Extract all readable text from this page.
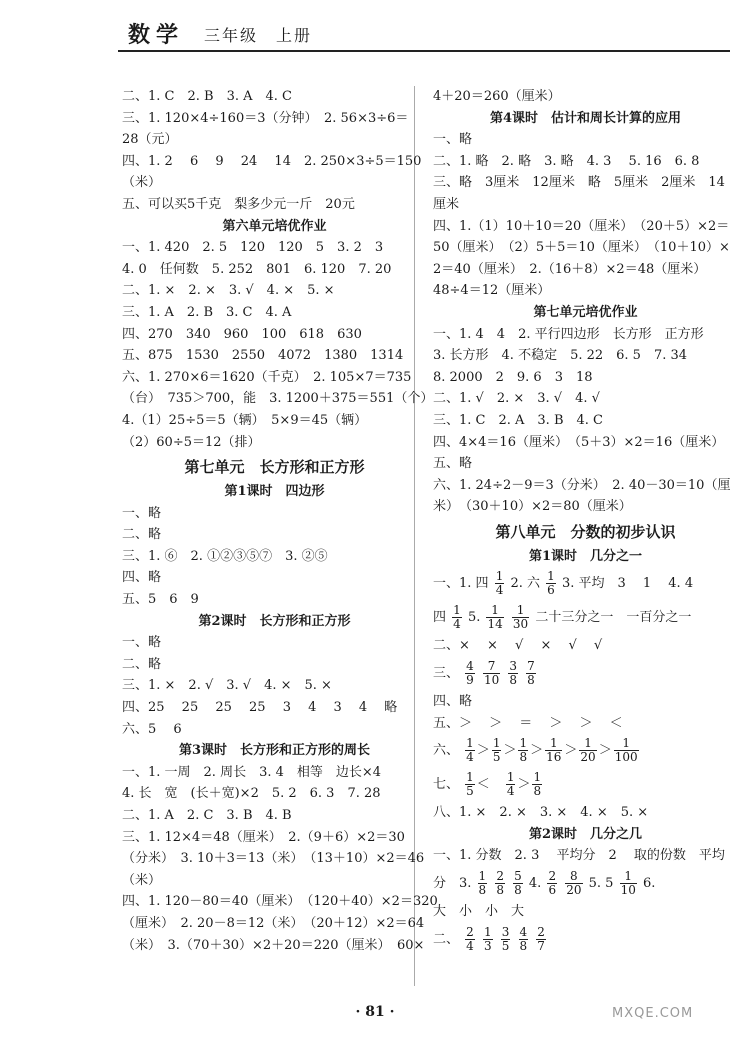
数学 三年级　上册
二、1. C　2. B　3. A　4. C
三、1. 120×4÷160＝3（分钟）　2. 56×3÷6＝
28（元）
四、1. 2　 6　 9　 24　 14　2. 250×3÷5＝150
（米）
五、可以买5千克　梨多少元一斤　20元
第六单元培优作业
一、1. 420　2. 5　120　120　5　3. 2　3
4. 0　任何数　5. 252　801　6. 120　7. 20
二、1. ×　2. ×　3. √　4. ×　5. ×
三、1. A　2. B　3. C　4. A
四、270　340　960　100　618　630
五、875　1530　2550　4072　1380　1314
六、1. 270×6＝1620（千克）　2. 105×7＝735
（台）　735＞700，能　3. 1200＋375＝551（个）
4.（1）25÷5＝5（辆）　5×9＝45（辆）
（2）60÷5＝12（排）
第七单元　长方形和正方形
第1课时　四边形
一、略
二、略
三、1. ⑥　2. ①②③⑤⑦　3. ②⑤
四、略
五、5　6　9
第2课时　长方形和正方形
一、略
二、略
三、1. ×　2. √　3. √　4. ×　5. ×
四、25　 25　 25　 25　 3　 4　 3　 4　 略
六、5　 6
第3课时　长方形和正方形的周长
一、1. 一周　2. 周长　3. 4　相等　边长×4
4. 长　宽　(长＋宽)×2　5. 2　6. 3　7. 28
二、1. A　2. C　3. B　4. B
三、1. 12×4＝48（厘米）　2.（9＋6）×2＝30
（分米）　3. 10＋3＝13（米）　（13＋10）×2＝46
（米）
四、1. 120－80＝40（厘米）　（120＋40）×2＝320
（厘米）　2. 20－8＝12（米）　（20＋12）×2＝64
（米）　3.（70＋30）×2＋20＝220（厘米）　60×
4＋20＝260（厘米）
第4课时　估计和周长计算的应用
一、略
二、1. 略　2. 略　3. 略　4. 3　 5. 16　6. 8
三、略　3厘米　12厘米　略　5厘米　2厘米　14
厘米
四、1.（1）10＋10＝20（厘米）　（20＋5）×2＝
50（厘米）　（2）5＋5＝10（厘米）　（10＋10）×
2＝40（厘米）　2.（16＋8）×2＝48（厘米）
48÷4＝12（厘米）
第七单元培优作业
一、1. 4　4　2. 平行四边形　长方形　正方形
3. 长方形　4. 不稳定　5. 22　6. 5　7. 34
8. 2000　2　9. 6　3　18
二、1. √　2. ×　3. √　4. √
三、1. C　2. A　3. B　4. C
四、4×4＝16（厘米）　（5＋3）×2＝16（厘米）
五、略
六、1. 24÷2－9＝3（分米）　2. 40－30＝10（厘
米）　（30＋10）×2＝80（厘米）
第八单元　分数的初步认识
第1课时　几分之一
一、1. 四 $\frac{1}{4} 2$. 六 $\frac{1}{6} 3$. 平均　3　 1　 4. 4
四 $\frac{1}{4} 5$. $\frac{1}{14}$
$\frac{1}{30}$ 二十三分之一　一百分之一
二、×　 ×　 √　 ×　 √　 √
三、 $\frac{4}{9}$
$\frac{7}{10}$
$\frac{3}{8}$
$\frac{7}{8}$
四、略
五、＞　 ＞　 ＝　 ＞　 ＞　 ＜
六、 $\frac{1}{4} > \frac{1}{5} > \frac{1}{8} > \frac{1}{16} > \frac{1}{20} > \frac{1}{100}$
七、 $\frac{1}{5} < \frac{1}{4} > \frac{1}{8}$
八、1. ×　2. ×　3. ×　4. ×　5. ×
第2课时　几分之几
一、1. 分数　2. 3　 平均分　2　 取的份数　平均
分　3. $\frac{1}{8}$
$\frac{2}{8}$
$\frac{5}{8} 4$. $\frac{2}{6}$
$\frac{8}{20} 5$. $5 \frac{1}{10} 6$.
大　小　小　大
二、 $\frac{2}{4}$
$\frac{1}{3}$
$\frac{3}{5}$
$\frac{4}{8}$
$\frac{2}{7}$
· 81 ·	MXQE.COM
